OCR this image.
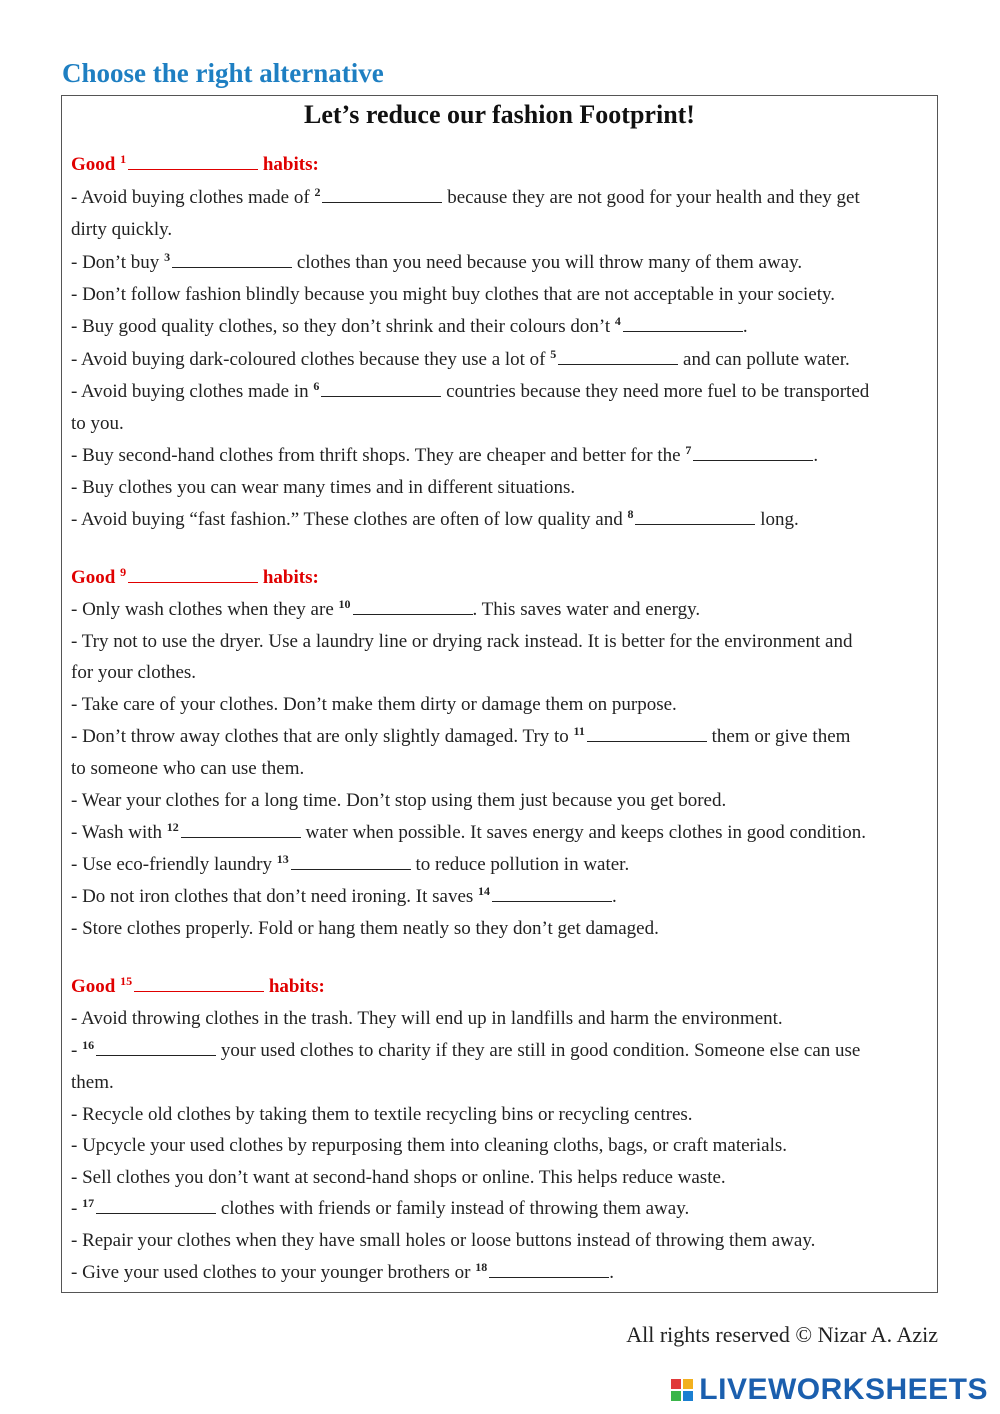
Choose the right alternative
Let’s reduce our fashion Footprint!
Good $^1$	habits:
- Avoid buying clothes made of $^2$	because they are not good for your health and they get
dirty quickly.
- Don’t buy $^3$	clothes than you need because you will throw many of them away.
- Don’t follow fashion blindly because you might buy clothes that are not acceptable in your society.
- Buy good quality clothes, so they don’t shrink and their colours don’t $^4$	.
- Avoid buying dark-coloured clothes because they use a lot of $^5$	and can pollute water.
- Avoid buying clothes made in $^6$	countries because they need more fuel to be transported
to you.
- Buy second-hand clothes from thrift shops. They are cheaper and better for the $^7$	.
- Buy clothes you can wear many times and in different situations.
- Avoid buying “fast fashion.” These clothes are often of low quality and $^8$	long.
Good $^9$	habits:
- Only wash clothes when they are $^{10}$	. This saves water and energy.
- Try not to use the dryer. Use a laundry line or drying rack instead. It is better for the environment and
for your clothes.
- Take care of your clothes. Don’t make them dirty or damage them on purpose.
- Don’t throw away clothes that are only slightly damaged. Try to $^{11}$	them or give them
to someone who can use them.
- Wear your clothes for a long time. Don’t stop using them just because you get bored.
- Wash with $^{12}$	water when possible. It saves energy and keeps clothes in good condition.
- Use eco-friendly laundry $^{13}$	to reduce pollution in water.
- Do not iron clothes that don’t need ironing. It saves $^{14}$	.
- Store clothes properly. Fold or hang them neatly so they don’t get damaged.
Good $^{15}$	habits:
- Avoid throwing clothes in the trash. They will end up in landfills and harm the environment.
- $^{16}$	your used clothes to charity if they are still in good condition. Someone else can use
them.
- Recycle old clothes by taking them to textile recycling bins or recycling centres.
- Upcycle your used clothes by repurposing them into cleaning cloths, bags, or craft materials.
- Sell clothes you don’t want at second-hand shops or online. This helps reduce waste.
- $^{17}$	clothes with friends or family instead of throwing them away.
- Repair your clothes when they have small holes or loose buttons instead of throwing them away.
- Give your used clothes to your younger brothers or $^{18}$	.
All rights reserved © Nizar A. Aziz
LIVEWORKSHEETS
